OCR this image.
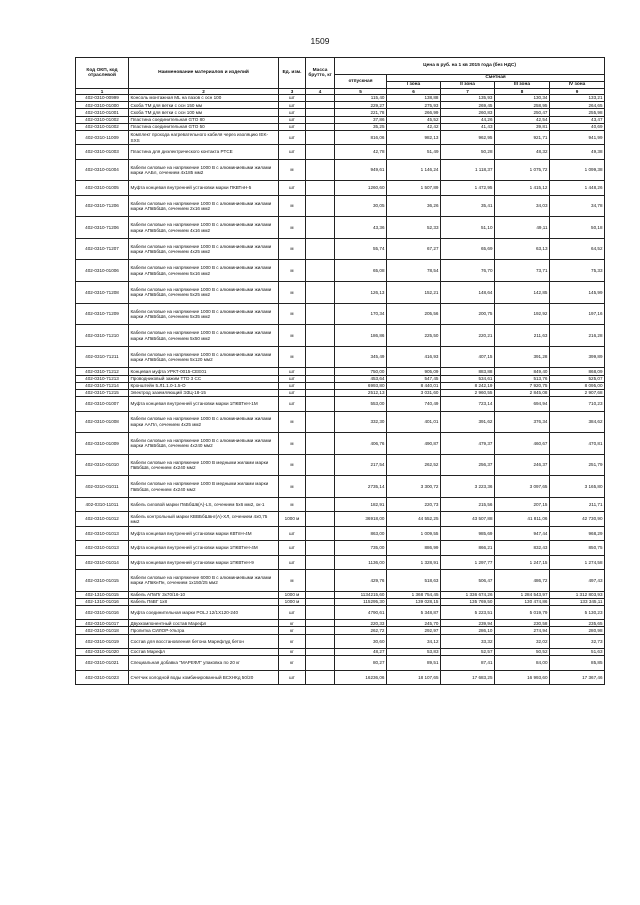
1509
Код ОКП, код отраслевой	Наименование материалов и изделий	Ед. изм.	Масса брутто, кг	Цена в руб. на 1 кв 2015 года (без НДС)				
				отпускная	Сметная			
					I зона	II зона	III зона	IV зона
1	2	3	4	5	6	7	8	9
402-0310-00999	Консоль монтажная ML на пазов с осн 100	шт		115,40	138,88	135,93	130,34	133,21
402-0310-01000	Скоба TM для ветки с осн 150 мм	шт		229,27	275,93	269,45	258,95	264,65
402-0310-01001	Скоба TM для ветки с осн 100 мм	шт		221,78	266,99	260,83	250,47	255,98
402-0310-01002	Пластина соединительная GTO 80	шт		37,86	45,52	44,26	42,54	43,47
402-0310-01002	Пластина соединительная GTO 50	шт		35,25	42,42	41,43	39,81	40,69
402-0310-11009	Комплект прохода нагревательного кабеля через изоляцию IEK-SXS	шт		816,06	982,13	962,95	921,71	941,99
402-0310-01003	Пластина для диэлектрического контакта PTCE	шт		42,78	51,49	50,28	48,32	49,38
402-0310-01004	Кабели силовые на напряжение 1000 В с алюминиевыми жилами марки ААБл, сечением 4х185 мм2	м		949,61	1 146,24	1 118,37	1 075,72	1 099,38
402-0310-01005	Муфта концевая внутренней установки марки ПКВТнН-5	шт		1260,60	1 507,89	1 472,95	1 415,12	1 448,26
402-0310-71206	Кабели силовые на напряжение 1000 В с алюминиевыми жилами марки АПвБбШв, сечением 2х16 мм2	м		30,05	36,26	35,41	34,03	34,78
402-0310-71206	Кабели силовые на напряжение 1000 В с алюминиевыми жилами марки АПвБбШв, сечением 4х16 мм2	м		43,36	52,33	51,10	49,11	50,18
402-0310-71207	Кабели силовые на напряжение 1000 В с алюминиевыми жилами марки АПвБбШв, сечением 4х25 мм2	м		55,74	67,27	65,69	63,13	64,52
402-0310-01006	Кабели силовые на напряжение 1000 В с алюминиевыми жилами марки АПвБбШв, сечением 5х16 мм2	м		65,08	78,54	76,70	73,71	75,33
402-0310-71208	Кабели силовые на напряжение 1000 В с алюминиевыми жилами марки АПвБбШв, сечением 5х25 мм2	м		126,13	152,21	148,64	142,85	145,99
402-0310-71209	Кабели силовые на напряжение 1000 В с алюминиевыми жилами марки АПвБбШв, сечением 5х35 мм2	м		170,34	205,56	200,75	192,92	197,16
402-0310-71210	Кабели силовые на напряжение 1000 В с алюминиевыми жилами марки АПвБбШв, сечением 5х50 мм2	м		186,86	225,50	220,21	211,63	216,28
402-0310-71211	Кабели силовые на напряжение 1000 В с алюминиевыми жилами марки АПвБбШв, сечением 5х120 мм2	м		345,49	416,93	407,15	391,28	399,89
402-0310-71212	Концевая муфта УРКТ-0015-СЕЕ01	шт		750,00	905,09	883,88	849,40	868,09
402-0310-71213	Проводниковый зажим ТТD 3 СС	шт		453,64	547,45	534,61	513,76	525,07
402-0310-71214	Кронштейн 5.Л1.1.0-1.5-О	шт		6993,80	8 440,01	8 242,19	7 920,75	8 095,00
402-0310-71215	Электрод заземляющий ЭЗЦ-18-15	шт		2512,13	3 031,60	2 960,55	2 845,08	2 907,68
402-0310-01007	Муфта концевая внутренней установки марки 1ПКВТнН-1М	шт		553,00	740,49	723,14	694,94	710,23
402-0310-01008	Кабели силовые на напряжение 1000 В с алюминиевыми жилами марки ААПл, сечением 4х25 мм2	м		332,30	401,01	391,62	376,34	384,62
402-0310-01009	Кабели силовые на напряжение 1000 В с алюминиевыми жилами марки АПвБбШв, сечением 4х240 мм2	м		406,76	490,87	479,37	460,67	470,81
402-0310-01010	Кабели силовые на напряжение 1000 В медными жилами марки ПвБбШв, сечением 4х240 мм2	м		217,54	262,52	256,37	246,37	251,79
402-0310-01011	Кабели силовые на напряжение 1000 В медными жилами марки ПвБбШв, сечением 4х240 мм2	м		2735,14	3 300,72	3 223,36	3 097,65	3 165,80
402-0310-11011	Кабель силовой марки ПвБбШв(А)-LS, сечением 5х6 мм2, ок-1	м		182,91	220,73	215,56	207,15	211,71
402-0310-01012	Кабель контрольный марки КВВБбШвнг(А)-ХЛ, сечением 4х0,75 мм2	1000 м		36918,00	44 552,25	43 507,88	41 811,06	42 730,90
402-0310-01013	Муфта концевая внутренней установки марки КВТпН-4М	шт		863,00	1 009,55	985,69	947,44	968,29
402-0310-01013	Муфта концевая внутренней установки марки 1ПКВТнН-4М	шт		735,00	886,99	866,21	832,43	850,75
402-0310-01014	Муфта концевая внутренней установки марки 1ПКВТнН-9	шт		1136,00	1 328,91	1 297,77	1 247,15	1 274,58
402-0310-01015	Кабели силовые на напряжение 6000 В с алюминиевыми жилами марки АПвКнПн, сечением 1х150/25 мм2	м		429,76	518,63	506,47	486,72	497,43
402-1310-01015	Кабель АПвПг 3х70/16-10	1000 м		1134215,60	1 368 754,45	1 336 674,26	1 284 543,97	1 312 803,93
402-1310-01016	Кабель ПвВГ 1х8	1000 м		115295,30	139 028,15	135 769,50	130 474,86	133 345,11
402-0310-01016	Муфта соединительная марки POLJ 12/1Х120-240	шт		4790,61	5 348,87	5 223,51	5 019,79	5 130,23
402-0310-01017	Двухкомпонентный состав Марефл	кг		220,33	245,70	239,94	230,58	235,65
402-0310-01018	Пропитка СИЛОР-Ультра	кг		262,72	292,97	286,10	274,94	280,98
402-0310-01019	Состав для восстановления бетона Марефлуд бетон	кг		30,60	34,12	33,32	32,02	32,73
402-0310-01020	Состав Марефл	кг		48,27	53,83	52,57	50,52	51,63
402-0310-01021	Специальная добавка "МАРЕФЛ" упаковка по 20 кг	кг		80,27	89,51	87,41	84,00	85,85
402-0310-01023	Счетчик холодной воды комбинированный ВСХНКд 50/20	шт		16236,06	18 107,65	17 683,25	16 993,60	17 367,46
